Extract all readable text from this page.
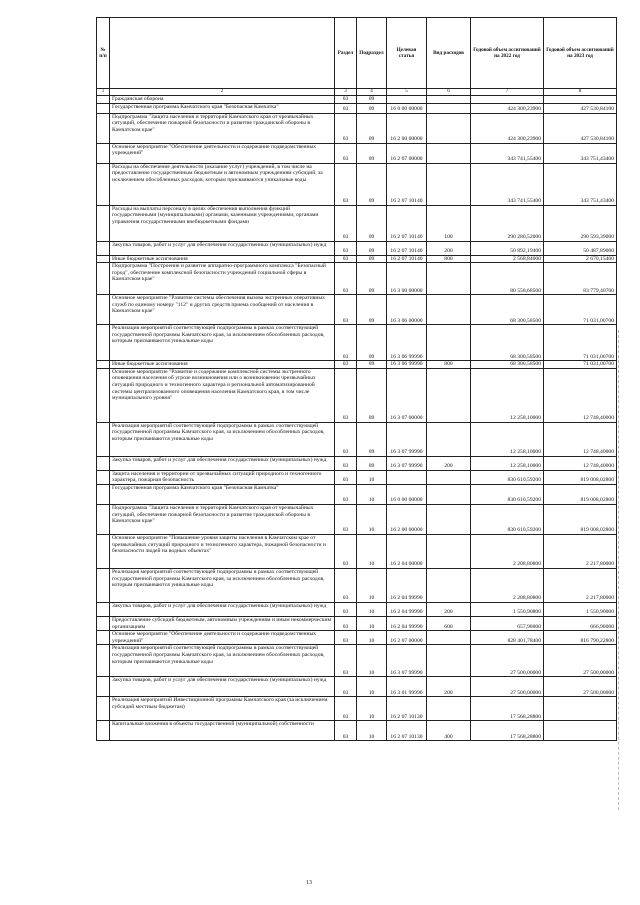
№ п/п		Раздел	Подраздел	Целевая статья	Вид расходов	Годовой объем ассигнований на 2022 год	Годовой объем ассигнований на 2023 год
1	2	3	4	5	6	7	8
	Гражданская оборона	03	09				
	Государственная программа Камчатского края "Безопасная Камчатка"	03	09	16 0 00 00000		424 300,23900	427 530,84100
	Подпрограмма "Защита населения и территорий Камчатского края от чрезвычайных ситуаций, обеспечение пожарной безопасности и развитие гражданской обороны в Камчатском крае"	03	09	16 2 00 00000		424 300,23900	427 530,84100
	Основное мероприятие "Обеспечение деятельности и содержание подведомственных учреждений"	03	09	16 2 07 00000		343 741,55400	343 751,43400
	Расходы на обеспечение деятельности (оказание услуг) учреждений, в том числе на предоставление государственным бюджетным и автономным учреждениям субсидий, за исключением обособленных расходов, которым присваиваются уникальные коды	03	09	16 2 07 10140		343 741,55400	343 751,43400
	Расходы на выплаты персоналу в целях обеспечения выполнения функций государственными (муниципальными) органами, казенными учреждениями, органами управления государственными внебюджетными фондами	03	09	16 2 07 10140	100	290 280,52000	290 593,39000
	Закупка товаров, работ и услуг для обеспечения государственных (муниципальных) нужд	03	09	16 2 07 10140	200	50 892,19400	50 487,89000
	Иные бюджетные ассигнования	03	09	16 2 07 10140	800	2 568,84000	2 670,15400
	Подпрограмма "Построение и развитие аппаратно-программного комплекса "Безопасный город", обеспечение комплексной безопасности учреждений социальной сферы в Камчатском крае"	03	09	16 3 00 00000		80 558,68500	83 779,40700
	Основное мероприятие "Развитие системы обеспечения вызова экстренных оперативных служб по единому номеру "112" и других средств приема сообщений от населения в Камчатском крае"	03	09	16 3 06 00000		68 300,58500	71 031,00700
	Реализация мероприятий соответствующей подпрограммы в рамках соответствующей государственной программы Камчатского края, за исключением обособленных расходов, которым присваиваются уникальные коды	03	09	16 3 06 99990		68 300,58500	71 031,00700
	Иные бюджетные ассигнования	03	09	16 3 06 99990	800	68 300,58500	71 031,00700
	Основное мероприятие "Развитие и содержание комплексной системы экстренного оповещения населения об угрозе возникновения или о возникновении чрезвычайных ситуаций природного и техногенного характера и региональной автоматизированной системы централизованного оповещения населения Камчатского края, в том числе муниципального уровня"	03	09	16 3 07 00000		12 258,10000	12 748,40000
	Реализация мероприятий соответствующей подпрограммы в рамках соответствующей государственной программы Камчатского края, за исключением обособленных расходов, которым присваиваются уникальные коды	03	09	16 3 07 99990		12 258,10000	12 748,40000
	Закупка товаров, работ и услуг для обеспечения государственных (муниципальных) нужд	03	09	16 3 07 99990	200	12 258,10000	12 748,40000
	Защита населения и территории от чрезвычайных ситуаций природного и техногенного характера, пожарная безопасность	03	10			830 610,59200	819 008,02800
	Государственная программа Камчатского края "Безопасная Камчатка"	03	10	16 0 00 00000		830 610,59200	819 008,02800
	Подпрограмма "Защита населения и территорий Камчатского края от чрезвычайных ситуаций, обеспечение пожарной безопасности и развитие гражданской обороны в Камчатском крае"	03	10	16 2 00 00000		830 610,59200	819 008,02800
	Основное мероприятие "Повышение уровня защиты населения в Камчатском крае от чрезвычайных ситуаций природного и техногенного характера, пожарной безопасности и безопасности людей на водных объектах"	03	10	16 2 04 00000		2 208,80800	2 217,80000
	Реализация мероприятий соответствующей подпрограммы в рамках соответствующей государственной программы Камчатского края, за исключением обособленных расходов, которым присваиваются уникальные коды	03	10	16 2 04 99990		2 208,80800	2 217,80000
	Закупка товаров, работ и услуг для обеспечения государственных (муниципальных) нужд	03	10	16 2 04 99990	200	1 550,90800	1 550,90000
	Предоставление субсидий бюджетным, автономным учреждениям и иным некоммерческим организациям	03	10	16 2 04 99990	600	657,90000	666,90000
	Основное мероприятие "Обеспечение деятельности и содержание подведомственных учреждений"	03	10	16 2 07 00000		828 401,78400	816 790,22800
	Реализация мероприятий соответствующей подпрограммы в рамках соответствующей государственной программы Камчатского края, за исключением обособленных расходов, которым присваиваются уникальные коды	03	10	16 3 07 99990		27 500,00000	27 500,00000
	Закупка товаров, работ и услуг для обеспечения государственных (муниципальных) нужд	03	10	16 3 01 99990	200	27 500,00000	27 500,00000
	Реализация мероприятий Инвестиционной программы Камчатского края (за исключением субсидий местным бюджетам)	03	10	16 2 07 10130		17 568,28800	
	Капитальные вложения в объекты государственной (муниципальной) собственности	03	10	16 2 07 10130	400	17 568,28800	
13
